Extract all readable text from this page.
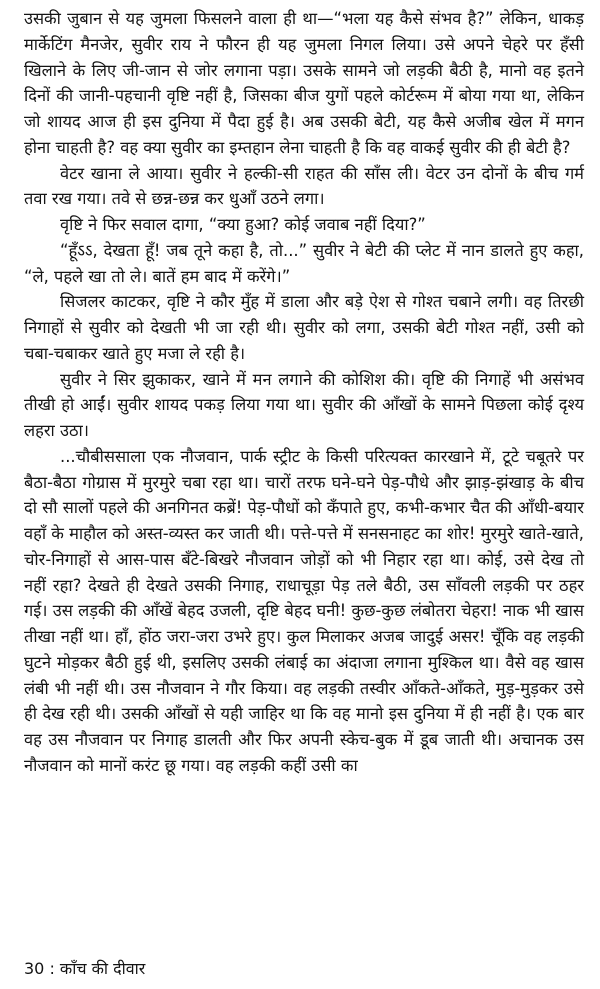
उसकी जुबान से यह जुमला फिसलने वाला ही था—“भला यह कैसे संभव है?” लेकिन, धाकड़ मार्केटिंग मैनजेर, सुवीर राय ने फौरन ही यह जुमला निगल लिया। उसे अपने चेहरे पर हँसी खिलाने के लिए जी-जान से जोर लगाना पड़ा। उसके सामने जो लड़की बैठी है, मानो वह इतने दिनों की जानी-पहचानी वृष्टि नहीं है, जिसका बीज युगों पहले कोर्टरूम में बोया गया था, लेकिन जो शायद आज ही इस दुनिया में पैदा हुई है। अब उसकी बेटी, यह कैसे अजीब खेल में मगन होना चाहती है? वह क्या सुवीर का इम्तहान लेना चाहती है कि वह वाकई सुवीर की ही बेटी है?

वेटर खाना ले आया। सुवीर ने हल्की-सी राहत की साँस ली। वेटर उन दोनों के बीच गर्म तवा रख गया। तवे से छन्न-छन्न कर धुआँ उठने लगा।

वृष्टि ने फिर सवाल दागा, “क्या हुआ? कोई जवाब नहीं दिया?”

“हूँऽऽ, देखता हूँ! जब तूने कहा है, तो...” सुवीर ने बेटी की प्लेट में नान डालते हुए कहा, “ले, पहले खा तो ले। बातें हम बाद में करेंगे।”

सिजलर काटकर, वृष्टि ने कौर मुँह में डाला और बड़े ऐश से गोश्त चबाने लगी। वह तिरछी निगाहों से सुवीर को देखती भी जा रही थी। सुवीर को लगा, उसकी बेटी गोश्त नहीं, उसी को चबा-चबाकर खाते हुए मजा ले रही है।

सुवीर ने सिर झुकाकर, खाने में मन लगाने की कोशिश की। वृष्टि की निगाहें भी असंभव तीखी हो आईं। सुवीर शायद पकड़ लिया गया था। सुवीर की आँखों के सामने पिछला कोई दृश्य लहरा उठा।

...चौबीससाला एक नौजवान, पार्क स्ट्रीट के किसी परित्यक्त कारखाने में, टूटे चबूतरे पर बैठा-बैठा गोग्रास में मुरमुरे चबा रहा था। चारों तरफ घने-घने पेड़-पौधे और झाड़-झंखाड़ के बीच दो सौ सालों पहले की अनगिनत कब्रें! पेड़-पौधों को कँपाते हुए, कभी-कभार चैत की आँधी-बयार वहाँ के माहौल को अस्त-व्यस्त कर जाती थी। पत्ते-पत्ते में सनसनाहट का शोर! मुरमुरे खाते-खाते, चोर-निगाहों से आस-पास बँटे-बिखरे नौजवान जोड़ों को भी निहार रहा था। कोई, उसे देख तो नहीं रहा? देखते ही देखते उसकी निगाह, राधाचूड़ा पेड़ तले बैठी, उस साँवली लड़की पर ठहर गई। उस लड़की की आँखें बेहद उजली, दृष्टि बेहद घनी! कुछ-कुछ लंबोतरा चेहरा! नाक भी खास तीखा नहीं था। हाँ, होंठ जरा-जरा उभरे हुए। कुल मिलाकर अजब जादुई असर! चूँकि वह लड़की घुटने मोड़कर बैठी हुई थी, इसलिए उसकी लंबाई का अंदाजा लगाना मुश्किल था। वैसे वह खास लंबी भी नहीं थी। उस नौजवान ने गौर किया। वह लड़की तस्वीर आँकते-आँकते, मुड़-मुड़कर उसे ही देख रही थी। उसकी आँखों से यही जाहिर था कि वह मानो इस दुनिया में ही नहीं है। एक बार वह उस नौजवान पर निगाह डालती और फिर अपनी स्केच-बुक में डूब जाती थी। अचानक उस नौजवान को मानों करंट छू गया। वह लड़की कहीं उसी का

30 : काँच की दीवार
